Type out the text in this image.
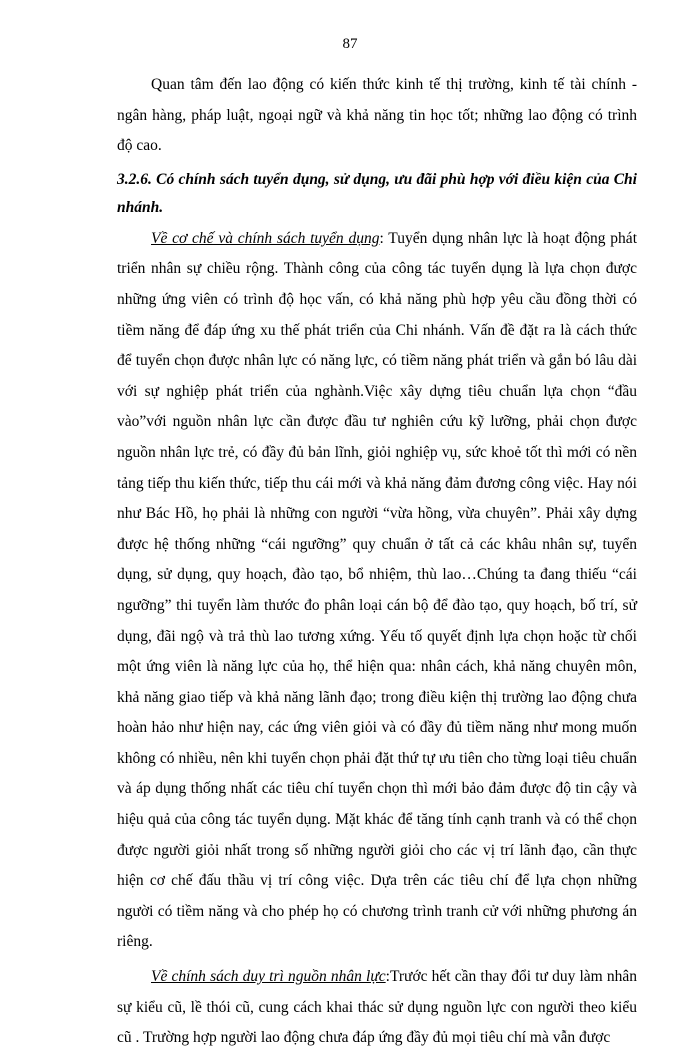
87

Quan tâm đến lao động có kiến thức kinh tế thị trường, kinh tế tài chính - ngân hàng, pháp luật, ngoại ngữ và khả năng tin học tốt; những lao động có trình độ cao.

3.2.6. Có chính sách tuyển dụng, sử dụng, ưu đãi phù hợp với điều kiện của Chi nhánh.

Về cơ chế và chính sách tuyển dụng: Tuyển dụng nhân lực là hoạt động phát triển nhân sự chiều rộng. Thành công của công tác tuyển dụng là lựa chọn được những ứng viên có trình độ học vấn, có khả năng phù hợp yêu cầu đồng thời có tiềm năng để đáp ứng xu thế phát triển của Chi nhánh. Vấn đề đặt ra là cách thức để tuyển chọn được nhân lực có năng lực, có tiềm năng phát triển và gắn bó lâu dài với sự nghiệp phát triển của nghành.Việc xây dựng tiêu chuẩn lựa chọn “đầu vào”với nguồn nhân lực cần được đầu tư nghiên cứu kỹ lưỡng, phải chọn được nguồn nhân lực trẻ, có đầy đủ bản lĩnh, giỏi nghiệp vụ, sức khoẻ tốt thì mới có nền tảng tiếp thu kiến thức, tiếp thu cái mới và khả năng đảm đương công việc. Hay nói như Bác Hồ, họ phải là những con người “vừa hồng, vừa chuyên”. Phải xây dựng được hệ thống những “cái ngưỡng” quy chuẩn ở tất cả các khâu nhân sự, tuyển dụng, sử dụng, quy hoạch, đào tạo, bổ nhiệm, thù lao…Chúng ta đang thiếu “cái ngưỡng” thi tuyển làm thước đo phân loại cán bộ để đào tạo, quy hoạch, bố trí, sử dụng, đãi ngộ và trả thù lao tương xứng. Yếu tố quyết định lựa chọn hoặc từ chối một ứng viên là năng lực của họ, thể hiện qua: nhân cách, khả năng chuyên môn, khả năng giao tiếp và khả năng lãnh đạo; trong điều kiện thị trường lao động chưa hoàn hảo như hiện nay, các ứng viên giỏi và có đầy đủ tiềm năng như mong muốn không có nhiều, nên khi tuyển chọn phải đặt thứ tự ưu tiên cho từng loại tiêu chuẩn và áp dụng thống nhất các tiêu chí tuyển chọn thì mới bảo đảm được độ tin cậy và hiệu quả của công tác tuyển dụng. Mặt khác để tăng tính cạnh tranh và có thể chọn được người giỏi nhất trong số những người giỏi cho các vị trí lãnh đạo, cần thực hiện cơ chế đấu thầu vị trí công việc. Dựa trên các tiêu chí để lựa chọn những người có tiềm năng và cho phép họ có chương trình tranh cử với những phương án riêng.

Về chính sách duy trì nguồn nhân lực:Trước hết cần thay đổi tư duy làm nhân sự kiểu cũ, lề thói cũ, cung cách khai thác sử dụng nguồn lực con người theo kiểu cũ . Trường hợp người lao động chưa đáp ứng đầy đủ mọi tiêu chí mà vẫn được
